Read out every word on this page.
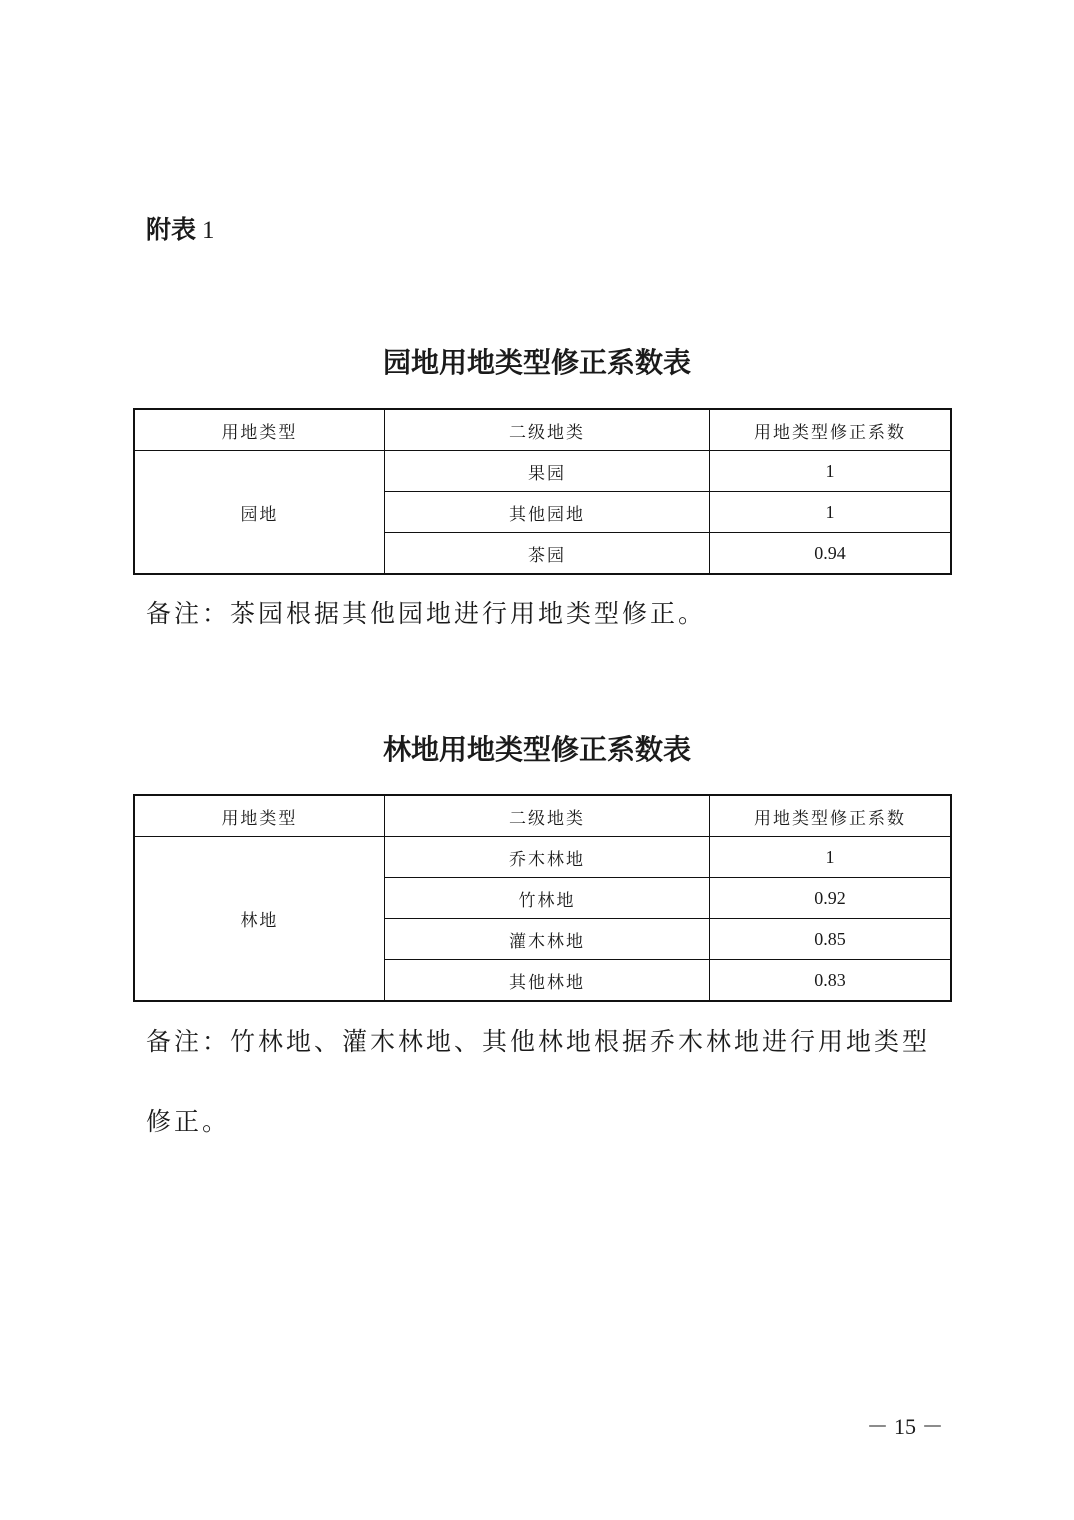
附表 1
园地用地类型修正系数表
用地类型	二级地类	用地类型修正系数
园地	果园	1
	其他园地	1
	茶园	0.94
备注：茶园根据其他园地进行用地类型修正。
林地用地类型修正系数表
用地类型	二级地类	用地类型修正系数
林地	乔木林地	1
	竹林地	0.92
	灌木林地	0.85
	其他林地	0.83
备注：竹林地、灌木林地、其他林地根据乔木林地进行用地类型
修正。
－ 15 －
